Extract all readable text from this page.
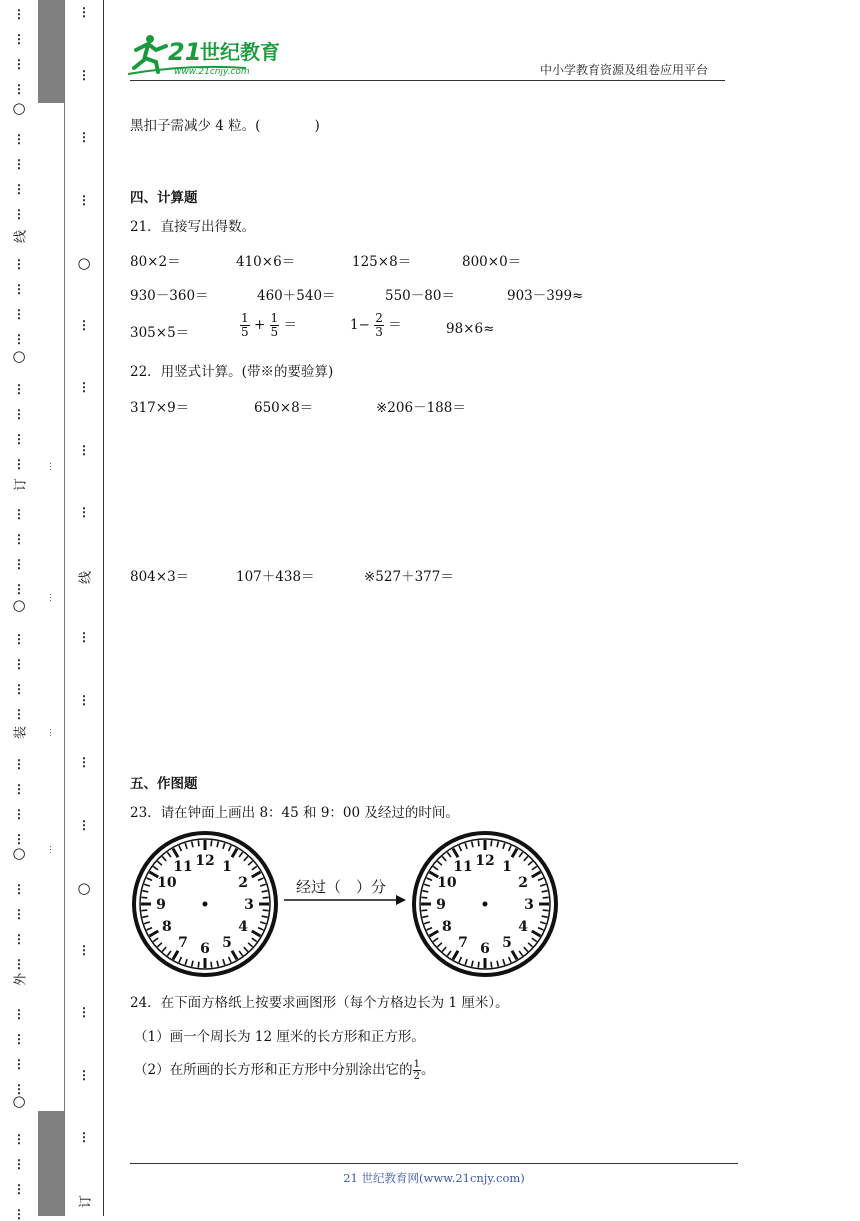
⋮
⋮
⋮
⋮
⋮
⋮
⋮
⋮
⋮
⋮
⋮
⋮
⋮
⋮
⋮
⋮
⋮
⋮
⋮
⋮
⋮
⋮
⋮
⋮
⋮
⋮
⋮
⋮
⋮
⋮
⋮
⋮
⋮
⋮
⋮
⋮
⋮
⋮
⋮
⋮
○
○
○
○
○
线
订
装
外
⋯
⋯
⋯
⋯
⋮
⋮
⋮
⋮
⋮
⋮
⋮
⋮
⋮
⋮
⋮
⋮
⋮
⋮
⋮
⋮
○
○
线
订
21
世纪教育
www.21cnjy.com	中小学教育资源及组卷应用平台
黑扣子需减少 4 粒。(　　　　)
四、计算题
21．直接写出得数。
80×2＝	410×6＝	125×8＝	800×0＝
930－360＝	460＋540＝	550－80＝	903－399≈
305×5＝	$\frac{1}{5} + \frac{1}{5}$ ＝	$1- \frac{2}{3}$ ＝	98×6≈
22．用竖式计算。(带※的要验算)
317×9＝	650×8＝	※206－188＝
804×3＝	107＋438＝	※527＋377＝
五、作图题
23．请在钟面上画出 8：45 和 9：00 及经过的时间。
12 1
2
3
4
5
6
7
8
9
10
11
经过（　）分
12 1
2
3
4
5
6
7
8
9
10
11
24．在下面方格纸上按要求画图形（每个方格边长为 1 厘米）。
（1）画一个周长为 12 厘米的长方形和正方形。
（2）在所画的长方形和正方形中分别涂出它的 $\frac{1}{2}$ 。
21 世纪教育网(www.21cnjy.com)
